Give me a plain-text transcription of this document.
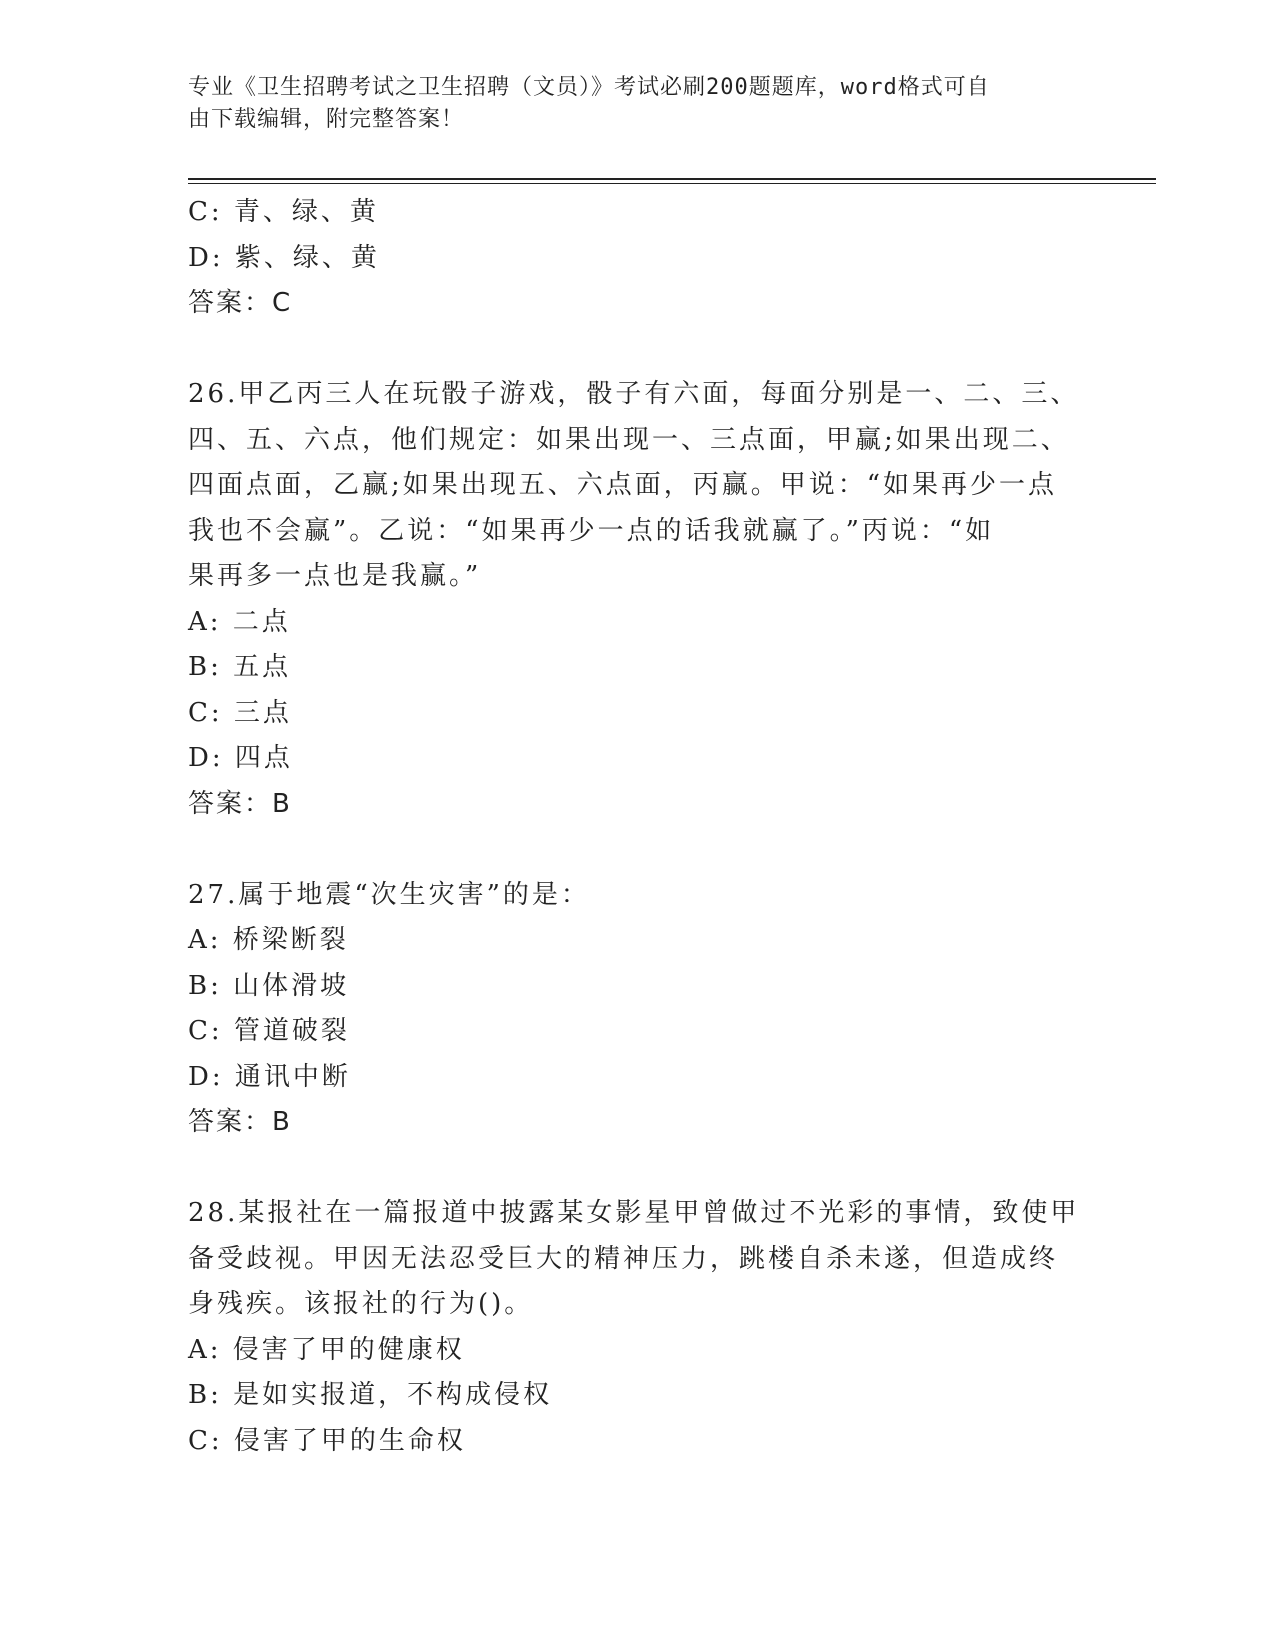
专业《卫生招聘考试之卫生招聘（文员）》考试必刷200题题库，word格式可自
由下载编辑，附完整答案！
C: 青、绿、黄
D: 紫、绿、黄
答案：C
26.甲乙丙三人在玩骰子游戏，骰子有六面，每面分别是一、二、三、
四、五、六点，他们规定：如果出现一、三点面，甲赢;如果出现二、
四面点面，乙赢;如果出现五、六点面，丙赢。甲说：“如果再少一点
我也不会赢”。乙说：“如果再少一点的话我就赢了。”丙说：“如
果再多一点也是我赢。”
A: 二点
B: 五点
C: 三点
D: 四点
答案：B
27.属于地震“次生灾害”的是：
A: 桥梁断裂
B: 山体滑坡
C: 管道破裂
D: 通讯中断
答案：B
28.某报社在一篇报道中披露某女影星甲曾做过不光彩的事情，致使甲
备受歧视。甲因无法忍受巨大的精神压力，跳楼自杀未遂，但造成终
身残疾。该报社的行为()。
A: 侵害了甲的健康权
B: 是如实报道，不构成侵权
C: 侵害了甲的生命权
